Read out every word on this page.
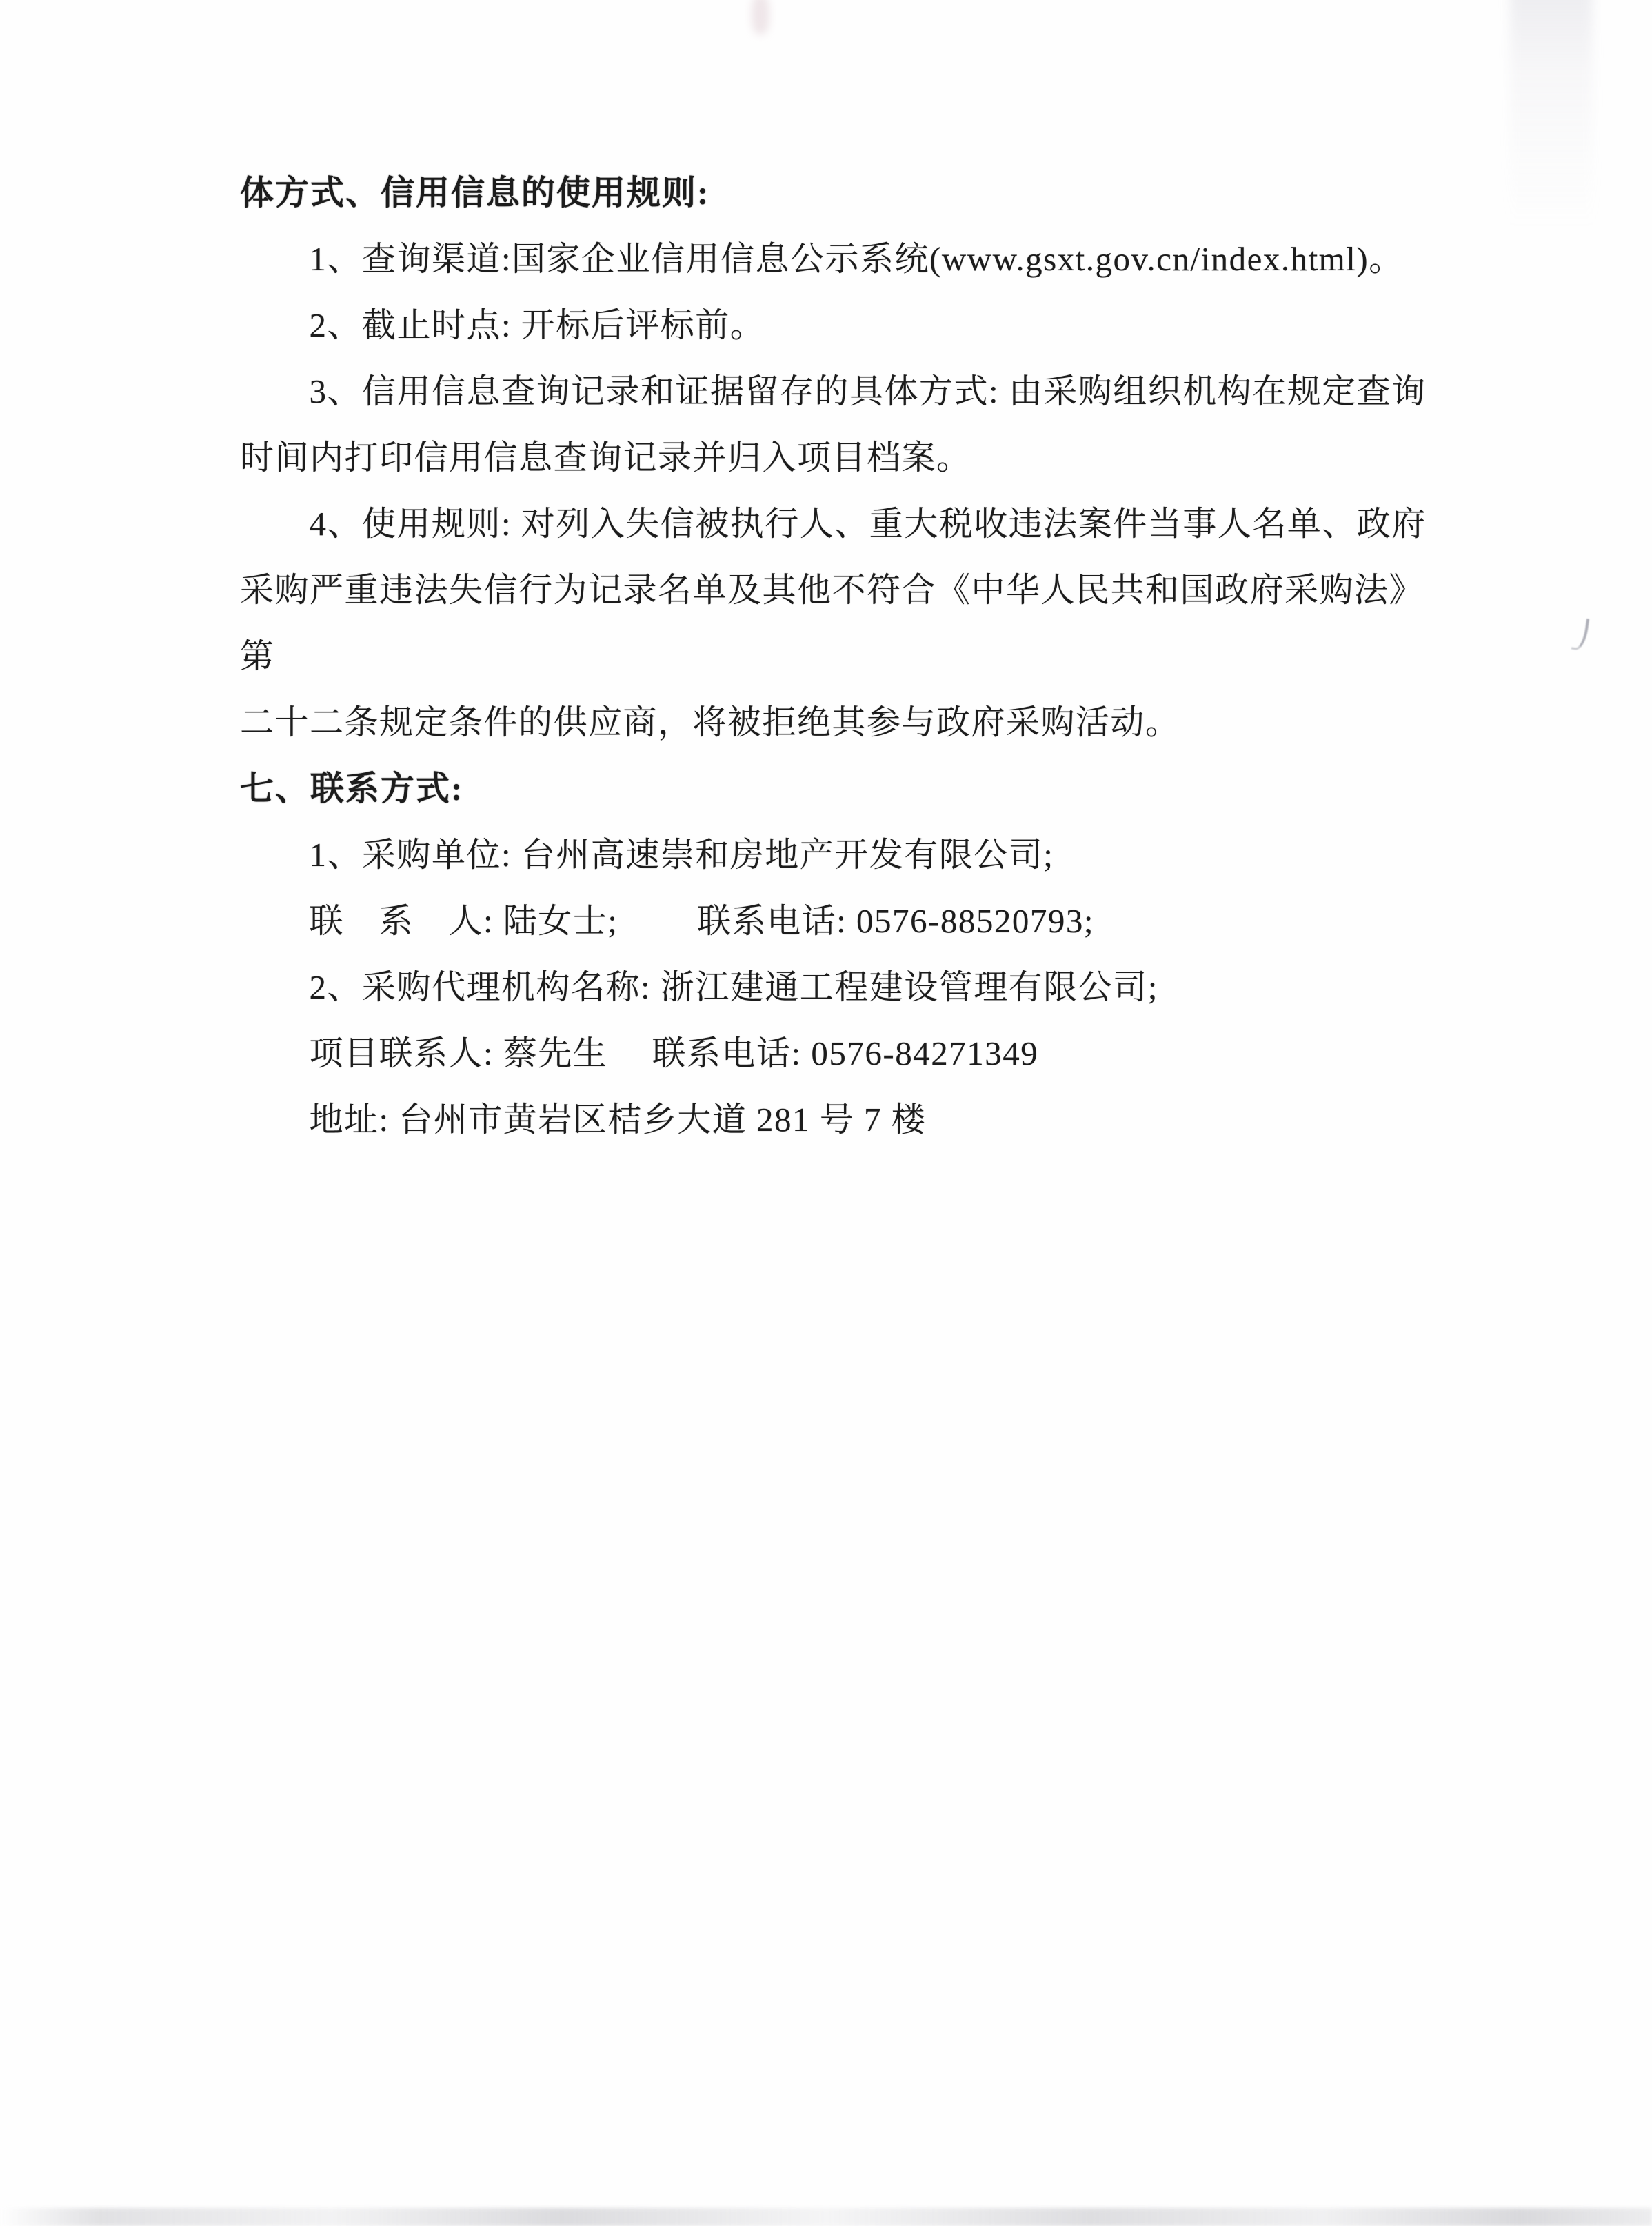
体方式、信用信息的使用规则:

1、查询渠道:国家企业信用信息公示系统(www.gsxt.gov.cn/index.html)。

2、截止时点: 开标后评标前。

3、信用信息查询记录和证据留存的具体方式: 由采购组织机构在规定查询

时间内打印信用信息查询记录并归入项目档案。

4、使用规则: 对列入失信被执行人、重大税收违法案件当事人名单、政府

采购严重违法失信行为记录名单及其他不符合《中华人民共和国政府采购法》第

二十二条规定条件的供应商，将被拒绝其参与政府采购活动。

七、联系方式:

1、采购单位: 台州高速崇和房地产开发有限公司;

联　系　人: 陆女士;　　 联系电话: 0576-88520793;

2、采购代理机构名称: 浙江建通工程建设管理有限公司;

项目联系人: 蔡先生　 联系电话: 0576-84271349

地址: 台州市黄岩区桔乡大道 281 号 7 楼
